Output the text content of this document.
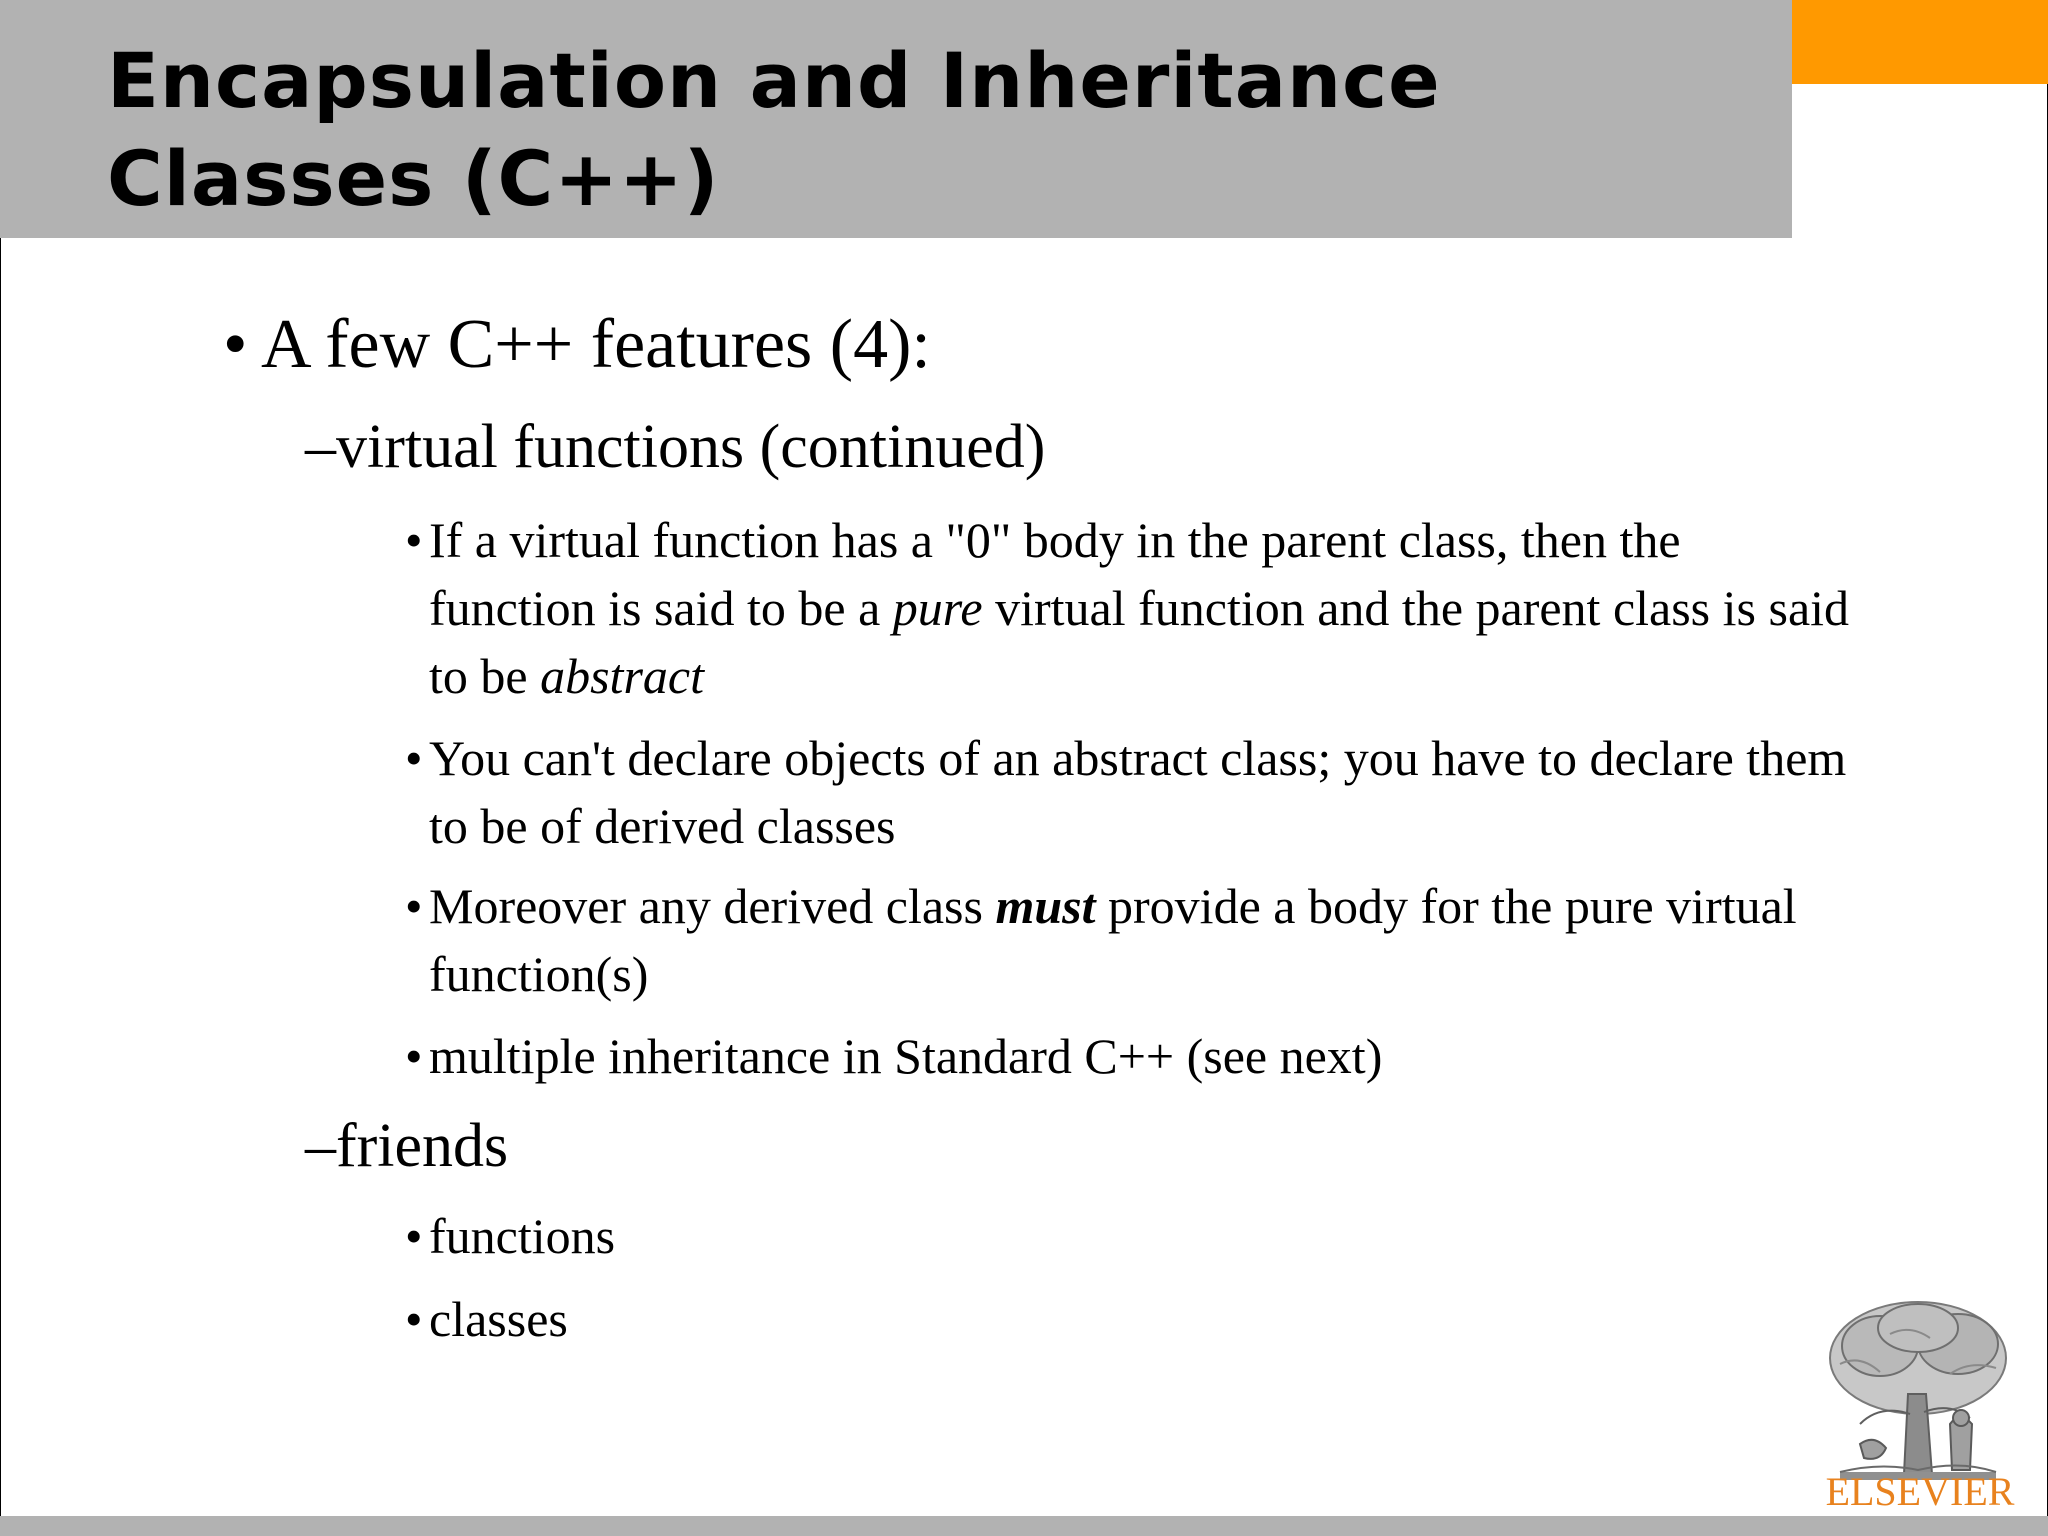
Encapsulation and Inheritance
Classes (C++)
• A few C++ features (4):
–virtual functions (continued)
• If a virtual function has a "0" body in the parent class, then the function is said to be a pure virtual function and the parent class is said to be abstract
• You can't declare objects of an abstract class; you have to declare them to be of derived classes
• Moreover any derived class must provide a body for the pure virtual function(s)
• multiple inheritance in Standard C++ (see next)
–friends
• functions
• classes
ELSEVIER
